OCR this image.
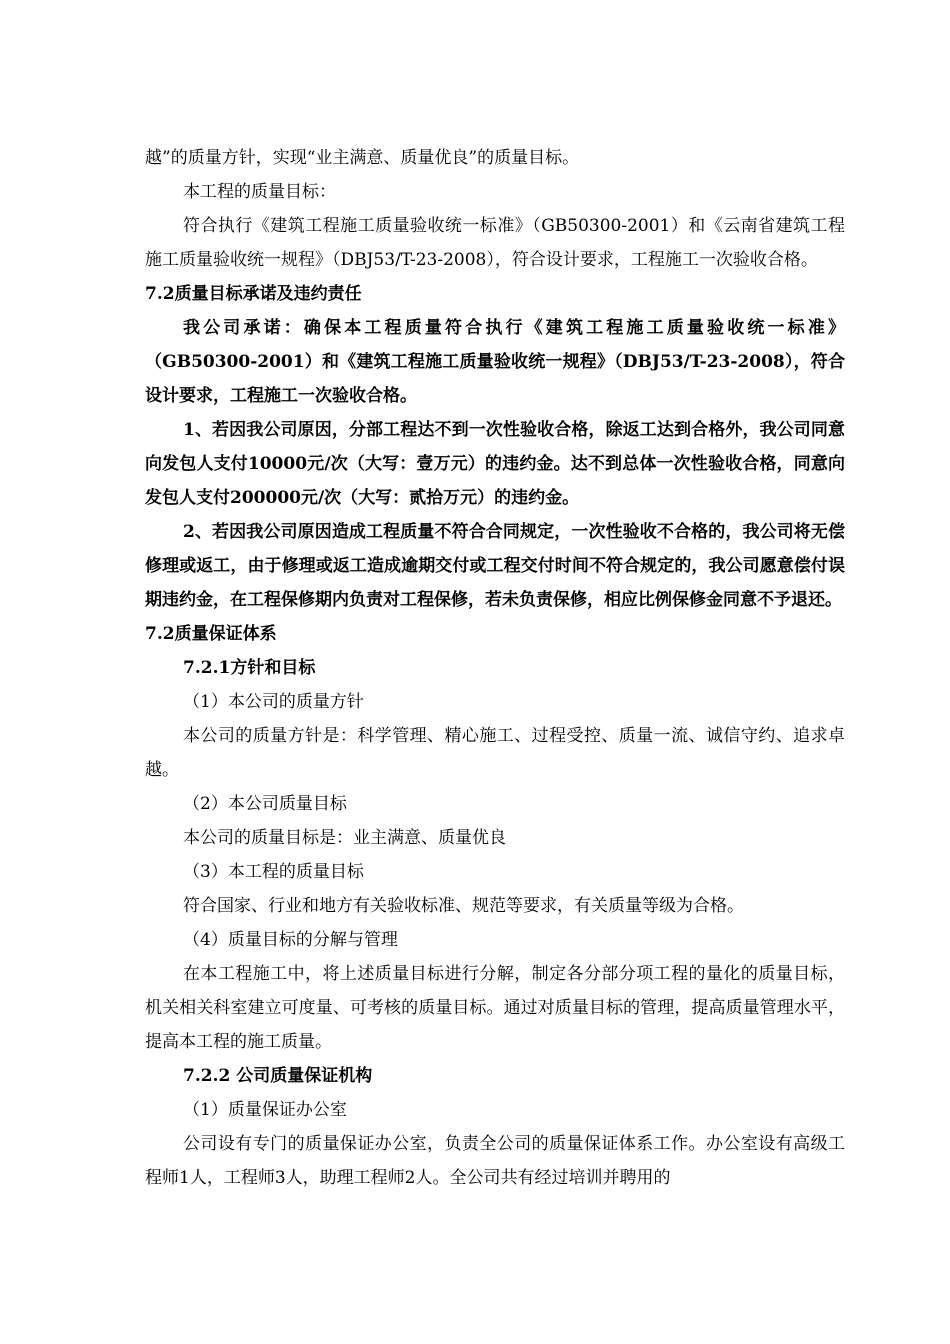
越”的质量方针，实现“业主满意、质量优良”的质量目标。

本工程的质量目标：

符合执行《建筑工程施工质量验收统一标准》（GB50300-2001）和《云南省建筑工程施工质量验收统一规程》（DBJ53/T-23-2008），符合设计要求，工程施工一次验收合格。

7.2质量目标承诺及违约责任

我公司承诺：确保本工程质量符合执行《建筑工程施工质量验收统一标准》（GB50300-2001）和《建筑工程施工质量验收统一规程》（DBJ53/T-23-2008），符合设计要求，工程施工一次验收合格。

1、若因我公司原因，分部工程达不到一次性验收合格，除返工达到合格外，我公司同意向发包人支付10000元/次（大写：壹万元）的违约金。达不到总体一次性验收合格，同意向发包人支付200000元/次（大写：贰拾万元）的违约金。

2、若因我公司原因造成工程质量不符合合同规定，一次性验收不合格的，我公司将无偿修理或返工，由于修理或返工造成逾期交付或工程交付时间不符合规定的，我公司愿意偿付误期违约金，在工程保修期内负责对工程保修，若未负责保修，相应比例保修金同意不予退还。

7.2质量保证体系

7.2.1方针和目标

（1）本公司的质量方针

本公司的质量方针是：科学管理、精心施工、过程受控、质量一流、诚信守约、追求卓越。

（2）本公司质量目标

本公司的质量目标是：业主满意、质量优良

（3）本工程的质量目标

符合国家、行业和地方有关验收标准、规范等要求，有关质量等级为合格。

（4）质量目标的分解与管理

在本工程施工中，将上述质量目标进行分解，制定各分部分项工程的量化的质量目标，机关相关科室建立可度量、可考核的质量目标。通过对质量目标的管理，提高质量管理水平，提高本工程的施工质量。

7.2.2 公司质量保证机构

（1）质量保证办公室

公司设有专门的质量保证办公室，负责全公司的质量保证体系工作。办公室设有高级工程师1人，工程师3人，助理工程师2人。全公司共有经过培训并聘用的
